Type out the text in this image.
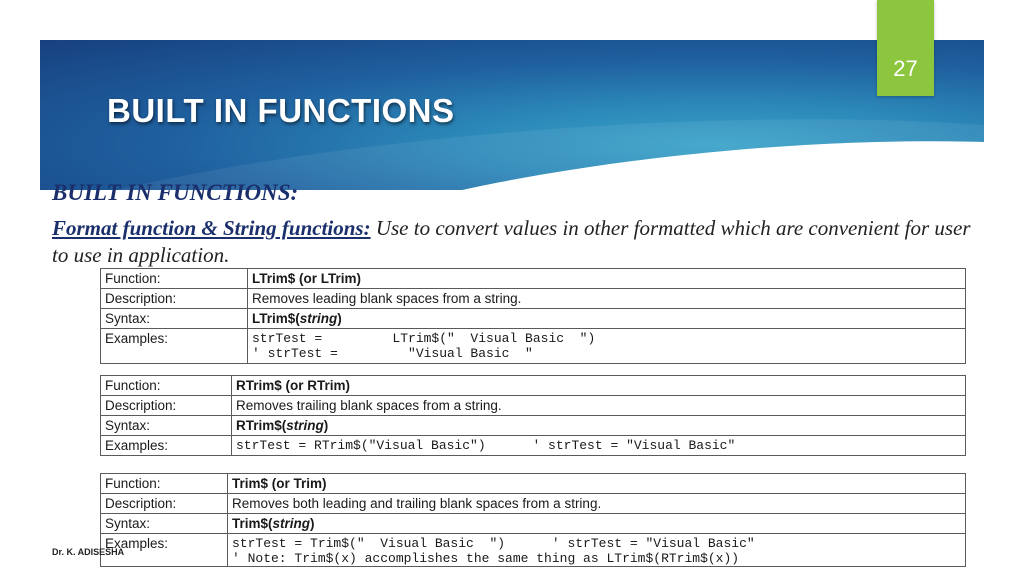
BUILT IN FUNCTIONS
27
BUILT IN FUNCTIONS:
Format function & String functions: Use to convert values in other formatted which are convenient for user to use in application.
Function:	LTrim$ (or LTrim)
Description:	Removes leading blank spaces from a string.
Syntax:	LTrim$(string)
Examples:	strTest =         LTrim$("  Visual Basic  ")
' strTest =         "Visual Basic  "
Function:	RTrim$ (or RTrim)
Description:	Removes trailing blank spaces from a string.
Syntax:	RTrim$(string)
Examples:	strTest = RTrim$("Visual Basic")      ' strTest = "Visual Basic"
Function:	Trim$ (or Trim)
Description:	Removes both leading and trailing blank spaces from a string.
Syntax:	Trim$(string)
Examples:	strTest = Trim$("  Visual Basic  ")      ' strTest = "Visual Basic"
' Note: Trim$(x) accomplishes the same thing as LTrim$(RTrim$(x))
Dr. K. ADISESHA
